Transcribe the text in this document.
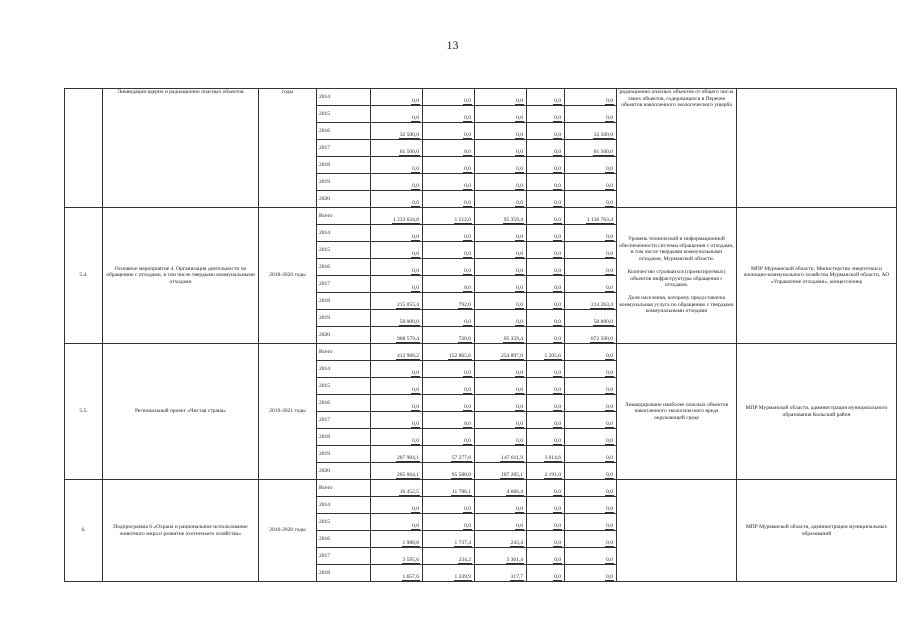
13
	Ликвидация ядерно и радиационно опасных объектов	годы	2014	0,0	0,0	0,0	0,0	0,0	радиационно опасных объектов от общего числа таких объектов, содержащихся в Перечне объектов накопленного экологического ущерба	
			2015	0,0	0,0	0,0	0,0	0,0		
			2016	32 500,0	0,0	0,0	0,0	32 500,0		
			2017	61 500,0	0,0	0,0	0,0	61 500,0		
			2018	0,0	0,0	0,0	0,0	0,0		
			2019	0,0	0,0	0,0	0,0	0,0		
			2020	0,0	0,0	0,0	0,0	0,0		
5.4.	Основное мероприятие 4. Организация деятельности по обращению с отходами, в том числе твердыми коммунальными отходами	2018-2020 годы	Всего	1 233 634,8	1 512,0	95 359,4	0,0	1 136 763,4	Уровень технической и информационной обеспеченности системы обращения с отходами, в том числе твердыми коммунальными отходами, Мурманской области.

Количество строящихся (проектируемых) объектов инфраструктуры обращения с отходами.

Доля населения, которому предоставлена коммунальная услуга по обращению с твердыми коммунальными отходами	МПР Мурманской области, Министерство энергетики и жилищно-коммунального хозяйства Мурманской области, АО «Управление отходами», концессионер
			2014	0,0	0,0	0,0	0,0	0,0		
			2015	0,0	0,0	0,0	0,0	0,0		
			2016	0,0	0,0	0,0	0,0	0,0		
			2017	0,0	0,0	0,0	0,0	0,0		
			2018	215 055,4	792,0	0,0	0,0	214 263,4		
			2019	50 000,0	0,0	0,0	0,0	50 000,0		
			2020	968 579,4	720,0	95 359,4	0,0	872 500,0		
5.5.	Региональный проект «Чистая страна»	2019-2021 годы	Всего	412 968,2	152 865,6	254 897,0	5 205,6	0,0	Ликвидировано наиболее опасных объектов накопленного экологического вреда окружающей среде	МПР Мурманской области, администрация муниципального образования Кольский район
			2014	0,0	0,0	0,0	0,0	0,0		
			2015	0,0	0,0	0,0	0,0	0,0		
			2016	0,0	0,0	0,0	0,0	0,0		
			2017	0,0	0,0	0,0	0,0	0,0		
			2018	0,0	0,0	0,0	0,0	0,0		
			2019	207 904,1	57 277,6	147 611,9	3 014,6	0,0		
			2020	205 064,1	95 588,0	107 285,1	2 191,0	0,0		
6.	Подпрограмма 6 «Охрана и рациональное использование животного мира и развитие охотничьего хозяйства»	2016-2020 годы	Всего	16 452,5	11 786,1	4 666,4	0,0	0,0		МПР Мурманской области, администрации муниципальных образований
			2014	0,0	0,0	0,0	0,0	0,0		
			2015	0,0	0,0	0,0	0,0	0,0		
			2016	1 980,8	1 737,4	243,4	0,0	0,0		
			2017	3 595,6	234,2	3 361,4	0,0	0,0		
			2018	1 657,6	1 339,9	317,7	0,0	0,0		
